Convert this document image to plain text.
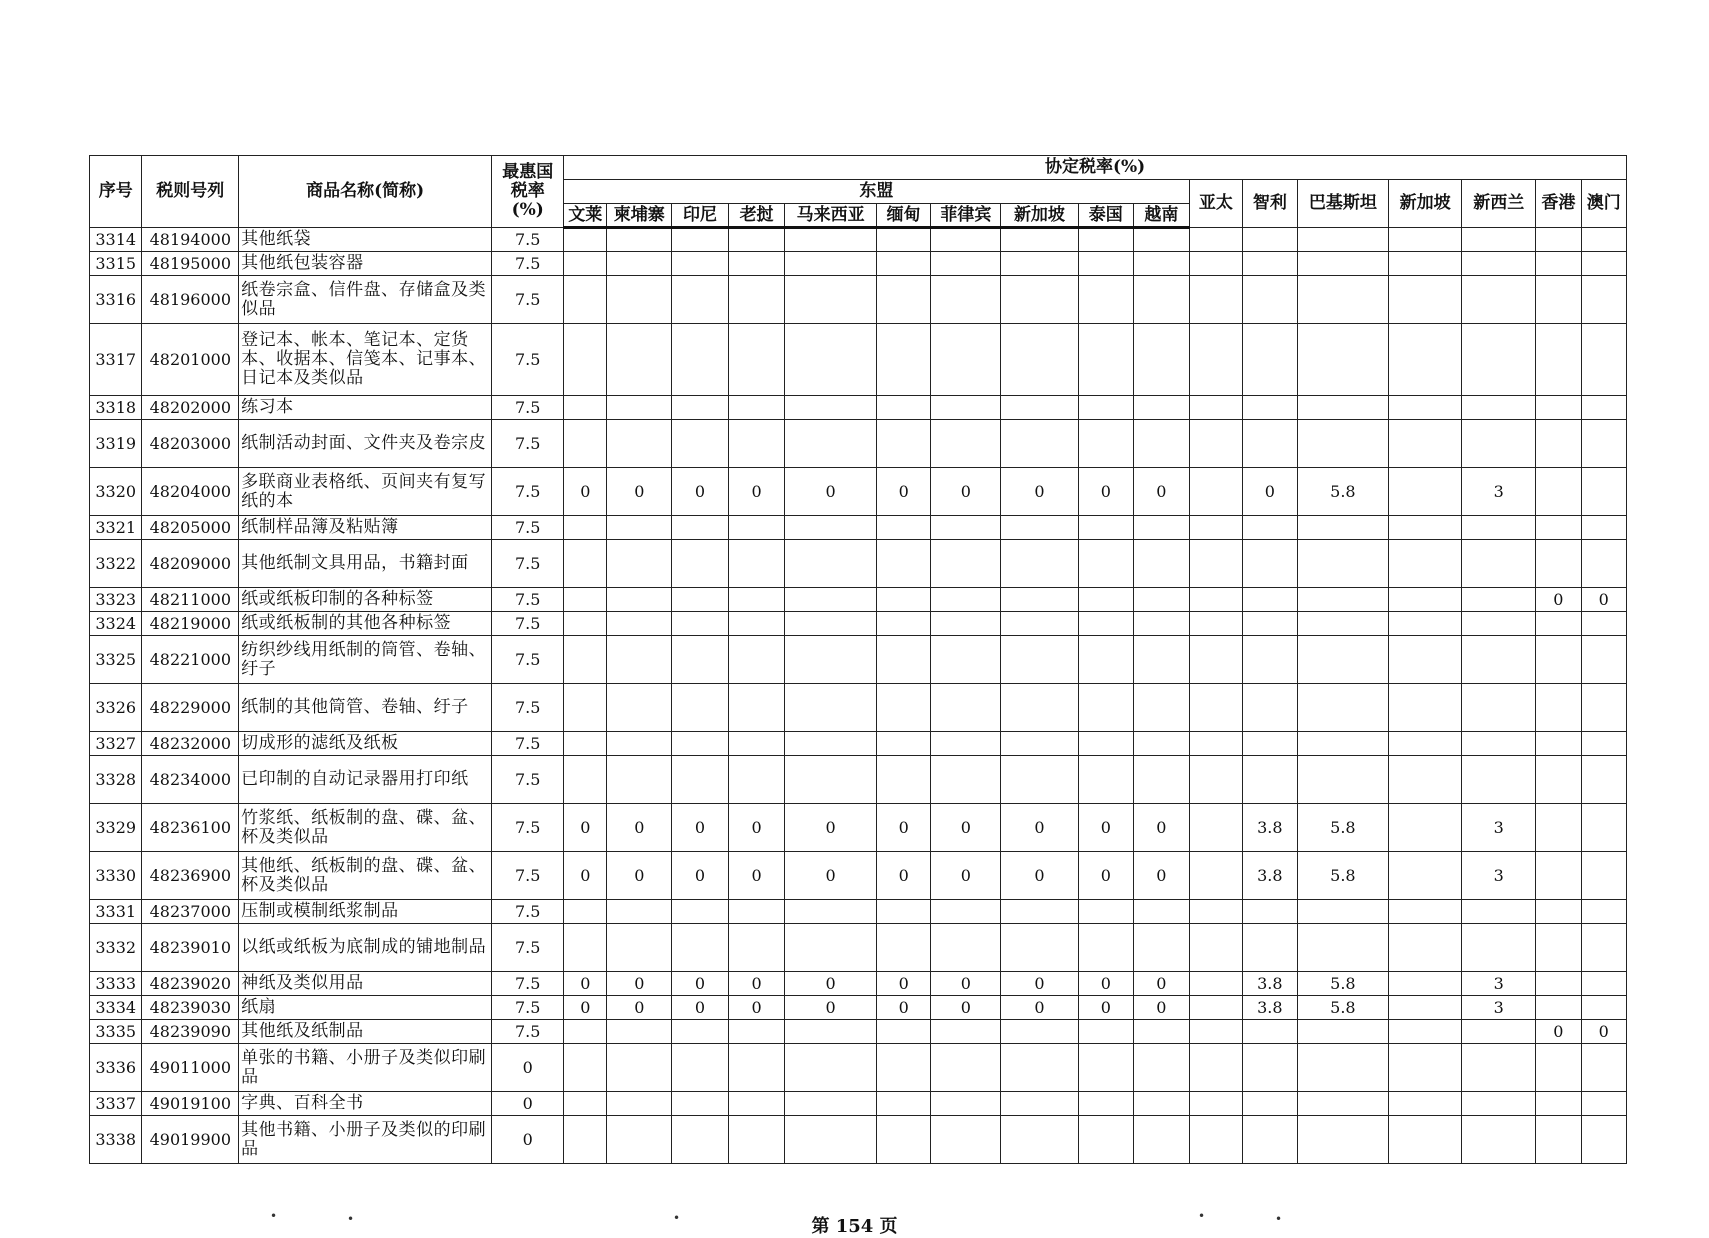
序号	税则号列	商品名称(简称)	最惠国
税率
(%)	协定税率(%)																
				东盟										亚太	智利	巴基斯坦	新加坡	新西兰	香港	澳门
				文莱	柬埔寨	印尼	老挝	马来西亚	缅甸	菲律宾	新加坡	泰国	越南							
3314	48194000	其他纸袋	7.5																	
3315	48195000	其他纸包装容器	7.5																	
3316	48196000	纸卷宗盒、信件盘、存储盒及类似品	7.5																	
3317	48201000	登记本、帐本、笔记本、定货本、收据本、信笺本、记事本、日记本及类似品	7.5																	
3318	48202000	练习本	7.5																	
3319	48203000	纸制活动封面、文件夹及卷宗皮	7.5																	
3320	48204000	多联商业表格纸、页间夹有复写纸的本	7.5	0	0	0	0	0	0	0	0	0	0		0	5.8		3		
3321	48205000	纸制样品簿及粘贴簿	7.5																	
3322	48209000	其他纸制文具用品，书籍封面	7.5																	
3323	48211000	纸或纸板印制的各种标签	7.5																0	0
3324	48219000	纸或纸板制的其他各种标签	7.5																	
3325	48221000	纺织纱线用纸制的筒管、卷轴、纡子	7.5																	
3326	48229000	纸制的其他筒管、卷轴、纡子	7.5																	
3327	48232000	切成形的滤纸及纸板	7.5																	
3328	48234000	已印制的自动记录器用打印纸	7.5																	
3329	48236100	竹浆纸、纸板制的盘、碟、盆、杯及类似品	7.5	0	0	0	0	0	0	0	0	0	0		3.8	5.8		3		
3330	48236900	其他纸、纸板制的盘、碟、盆、杯及类似品	7.5	0	0	0	0	0	0	0	0	0	0		3.8	5.8		3		
3331	48237000	压制或模制纸浆制品	7.5																	
3332	48239010	以纸或纸板为底制成的铺地制品	7.5																	
3333	48239020	神纸及类似用品	7.5	0	0	0	0	0	0	0	0	0	0		3.8	5.8		3		
3334	48239030	纸扇	7.5	0	0	0	0	0	0	0	0	0	0		3.8	5.8		3		
3335	48239090	其他纸及纸制品	7.5																0	0
3336	49011000	单张的书籍、小册子及类似印刷品	0																	
3337	49019100	字典、百科全书	0																	
3338	49019900	其他书籍、小册子及类似的印刷品	0																	
第 154 页
•	•	•	•	•
